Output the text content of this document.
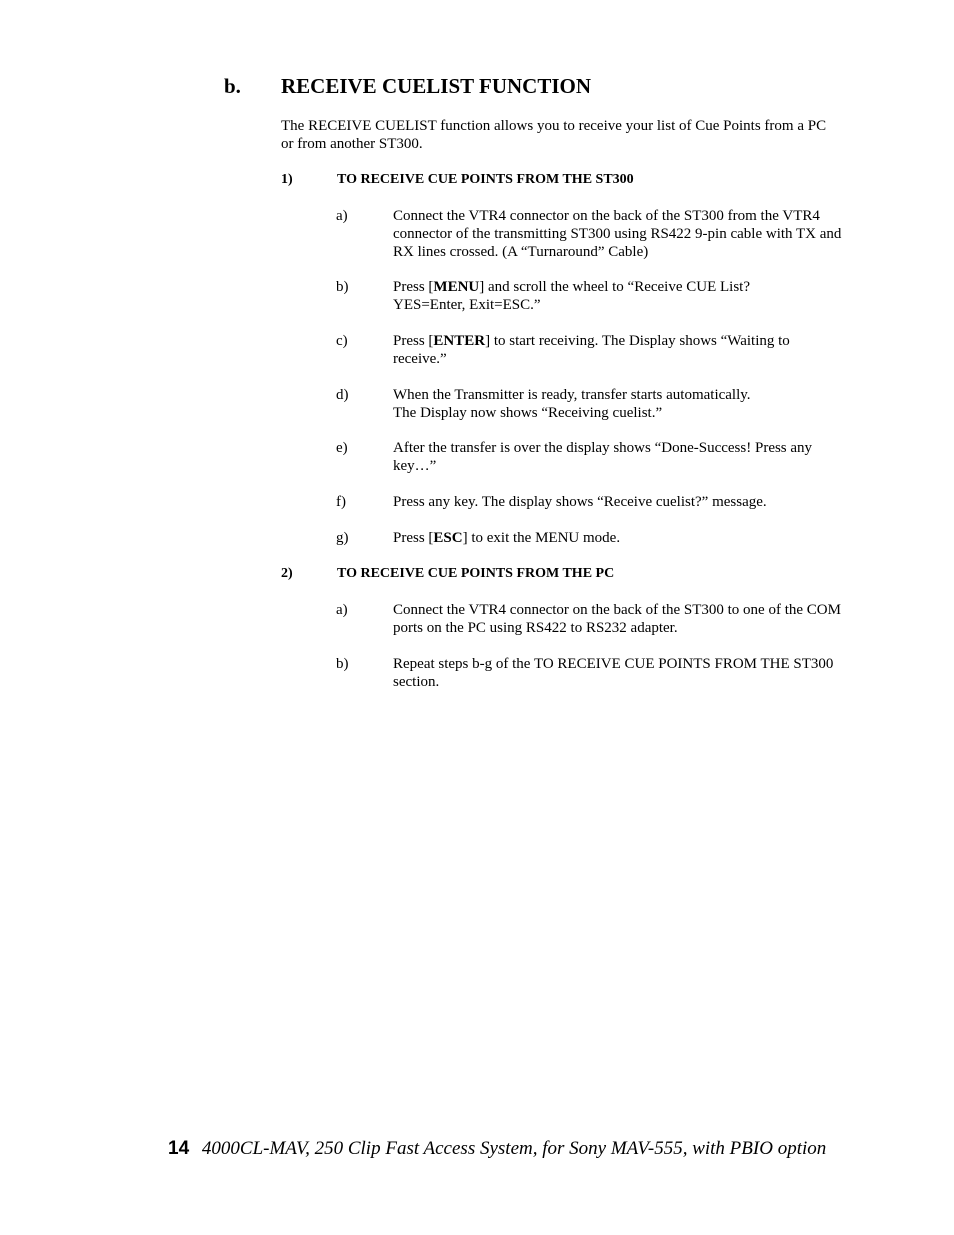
b.	RECEIVE CUELIST FUNCTION
The RECEIVE CUELIST function allows you to receive your list of Cue Points from a PC or from another ST300.
1)	TO RECEIVE CUE POINTS FROM THE ST300
a)	Connect the VTR4 connector on the back of the ST300 from the VTR4 connector of the transmitting ST300 using RS422 9-pin cable with TX and RX lines crossed. (A “Turnaround” Cable)
b)	Press [MENU] and scroll the wheel to “Receive CUE List?
YES=Enter, Exit=ESC.”
c)	Press [ENTER] to start receiving. The Display shows “Waiting to receive.”
d)	When the Transmitter is ready, transfer starts automatically.
The Display now shows “Receiving cuelist.”
e)	After the transfer is over the display shows “Done-Success! Press any key…”
f)	Press any key. The display shows “Receive cuelist?” message.
g)	Press [ESC] to exit the MENU mode.
2)	TO RECEIVE CUE POINTS FROM THE PC
a)	Connect the VTR4 connector on the back of the ST300 to one of the COM ports on the PC using RS422 to RS232 adapter.
b)	Repeat steps b-g of the TO RECEIVE CUE POINTS FROM THE ST300 section.
14 4000CL-MAV, 250 Clip Fast Access System, for Sony MAV-555, with PBIO option
